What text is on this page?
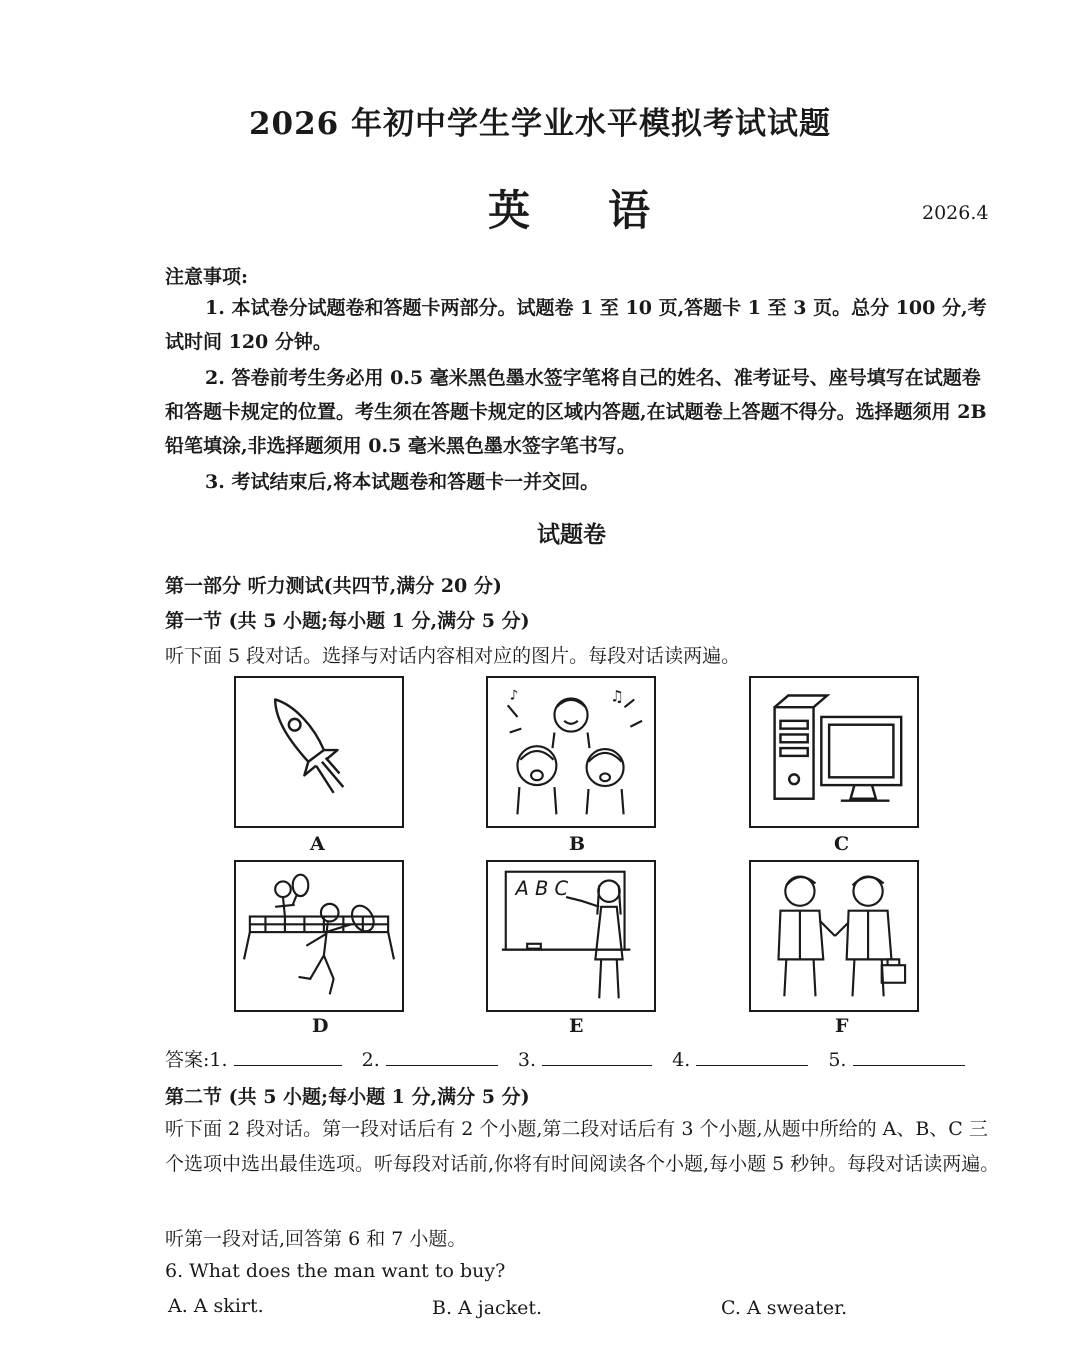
2026 年初中学生学业水平模拟考试试题
英语	2026.4
注意事项:
1. 本试卷分试题卷和答题卡两部分。试题卷 1 至 10 页,答题卡 1 至 3 页。总分 100 分,考试时间 120 分钟。
2. 答卷前考生务必用 0.5 毫米黑色墨水签字笔将自己的姓名、准考证号、座号填写在试题卷和答题卡规定的位置。考生须在答题卡规定的区域内答题,在试题卷上答题不得分。选择题须用 2B 铅笔填涂,非选择题须用 0.5 毫米黑色墨水签字笔书写。
3. 考试结束后,将本试题卷和答题卡一并交回。
试题卷
第一部分 听力测试(共四节,满分 20 分)
第一节 (共 5 小题;每小题 1 分,满分 5 分)
听下面 5 段对话。选择与对话内容相对应的图片。每段对话读两遍。
A
♫
♪
B	C
D
A B C
E	F
答案:1.	2.	3.	4.	5.
第二节 (共 5 小题;每小题 1 分,满分 5 分)
听下面 2 段对话。第一段对话后有 2 个小题,第二段对话后有 3 个小题,从题中所给的 A、B、C 三个选项中选出最佳选项。听每段对话前,你将有时间阅读各个小题,每小题 5 秒钟。每段对话读两遍。
听第一段对话,回答第 6 和 7 小题。
6. What does the man want to buy?
A. A skirt.	B. A jacket.	C. A sweater.
